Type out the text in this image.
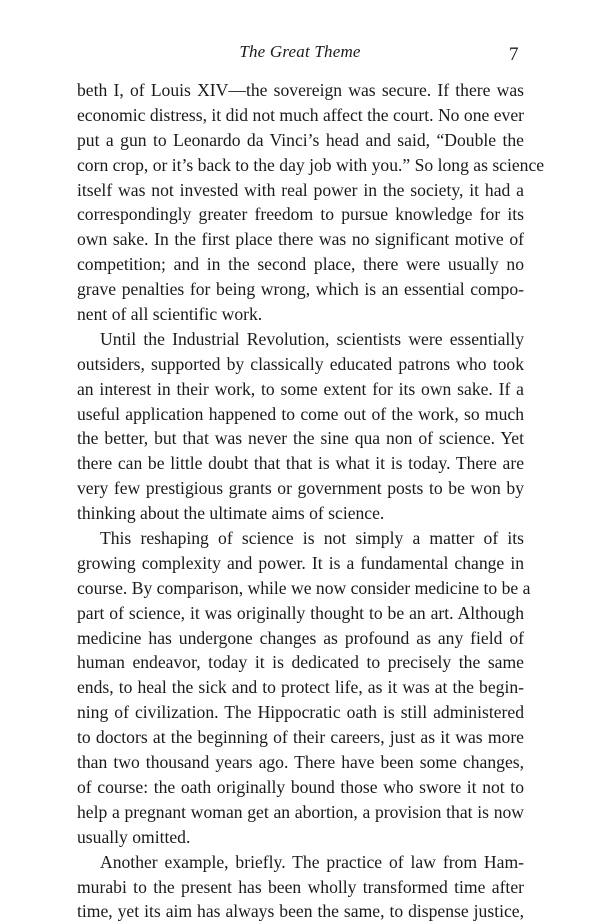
The Great Theme	7
beth I, of Louis XIV—the sovereign was secure. If there was
economic distress, it did not much affect the court. No one ever
put a gun to Leonardo da Vinci’s head and said, “Double the
corn crop, or it’s back to the day job with you.” So long as science
itself was not invested with real power in the society, it had a
correspondingly greater freedom to pursue knowledge for its
own sake. In the first place there was no significant motive of
competition; and in the second place, there were usually no
grave penalties for being wrong, which is an essential compo-
nent of all scientific work.
Until the Industrial Revolution, scientists were essentially
outsiders, supported by classically educated patrons who took
an interest in their work, to some extent for its own sake. If a
useful application happened to come out of the work, so much
the better, but that was never the sine qua non of science. Yet
there can be little doubt that that is what it is today. There are
very few prestigious grants or government posts to be won by
thinking about the ultimate aims of science.
This reshaping of science is not simply a matter of its
growing complexity and power. It is a fundamental change in
course. By comparison, while we now consider medicine to be a
part of science, it was originally thought to be an art. Although
medicine has undergone changes as profound as any field of
human endeavor, today it is dedicated to precisely the same
ends, to heal the sick and to protect life, as it was at the begin-
ning of civilization. The Hippocratic oath is still administered
to doctors at the beginning of their careers, just as it was more
than two thousand years ago. There have been some changes,
of course: the oath originally bound those who swore it not to
help a pregnant woman get an abortion, a provision that is now
usually omitted.
Another example, briefly. The practice of law from Ham-
murabi to the present has been wholly transformed time after
time, yet its aim has always been the same, to dispense justice,
